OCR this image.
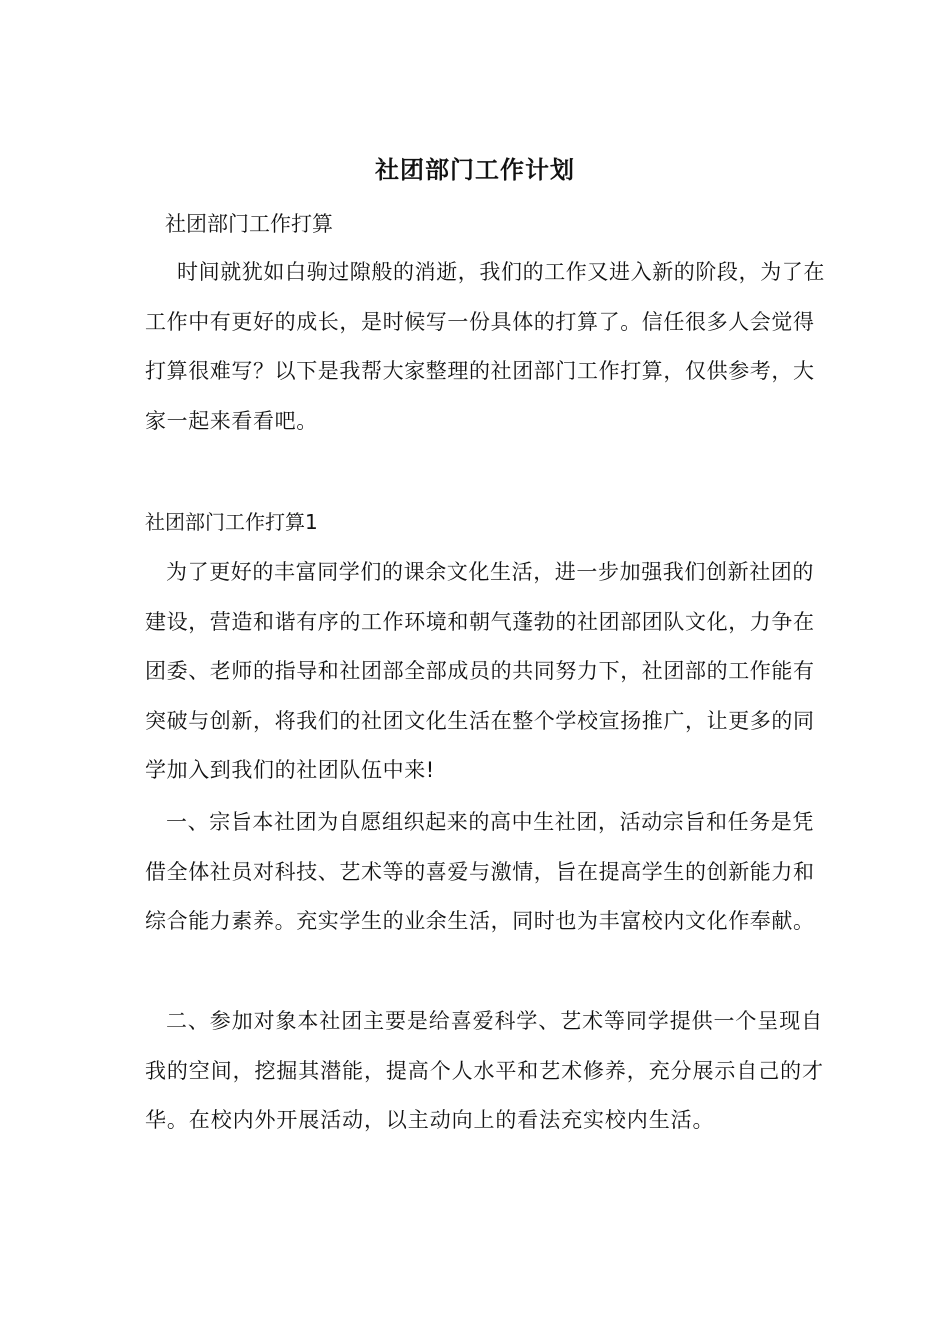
社团部门工作计划
社团部门工作打算

时间就犹如白驹过隙般的消逝，我们的工作又进入新的阶段，为了在工作中有更好的成长，是时候写一份具体的打算了。信任很多人会觉得打算很难写？以下是我帮大家整理的社团部门工作打算，仅供参考，大家一起来看看吧。

社团部门工作打算1

为了更好的丰富同学们的课余文化生活，进一步加强我们创新社团的建设，营造和谐有序的工作环境和朝气蓬勃的社团部团队文化，力争在团委、老师的指导和社团部全部成员的共同努力下，社团部的工作能有突破与创新，将我们的社团文化生活在整个学校宣扬推广，让更多的同学加入到我们的社团队伍中来!

一、宗旨本社团为自愿组织起来的高中生社团，活动宗旨和任务是凭借全体社员对科技、艺术等的喜爱与激情，旨在提高学生的创新能力和综合能力素养。充实学生的业余生活，同时也为丰富校内文化作奉献。

二、参加对象本社团主要是给喜爱科学、艺术等同学提供一个呈现自我的空间，挖掘其潜能，提高个人水平和艺术修养，充分展示自己的才华。在校内外开展活动，以主动向上的看法充实校内生活。
